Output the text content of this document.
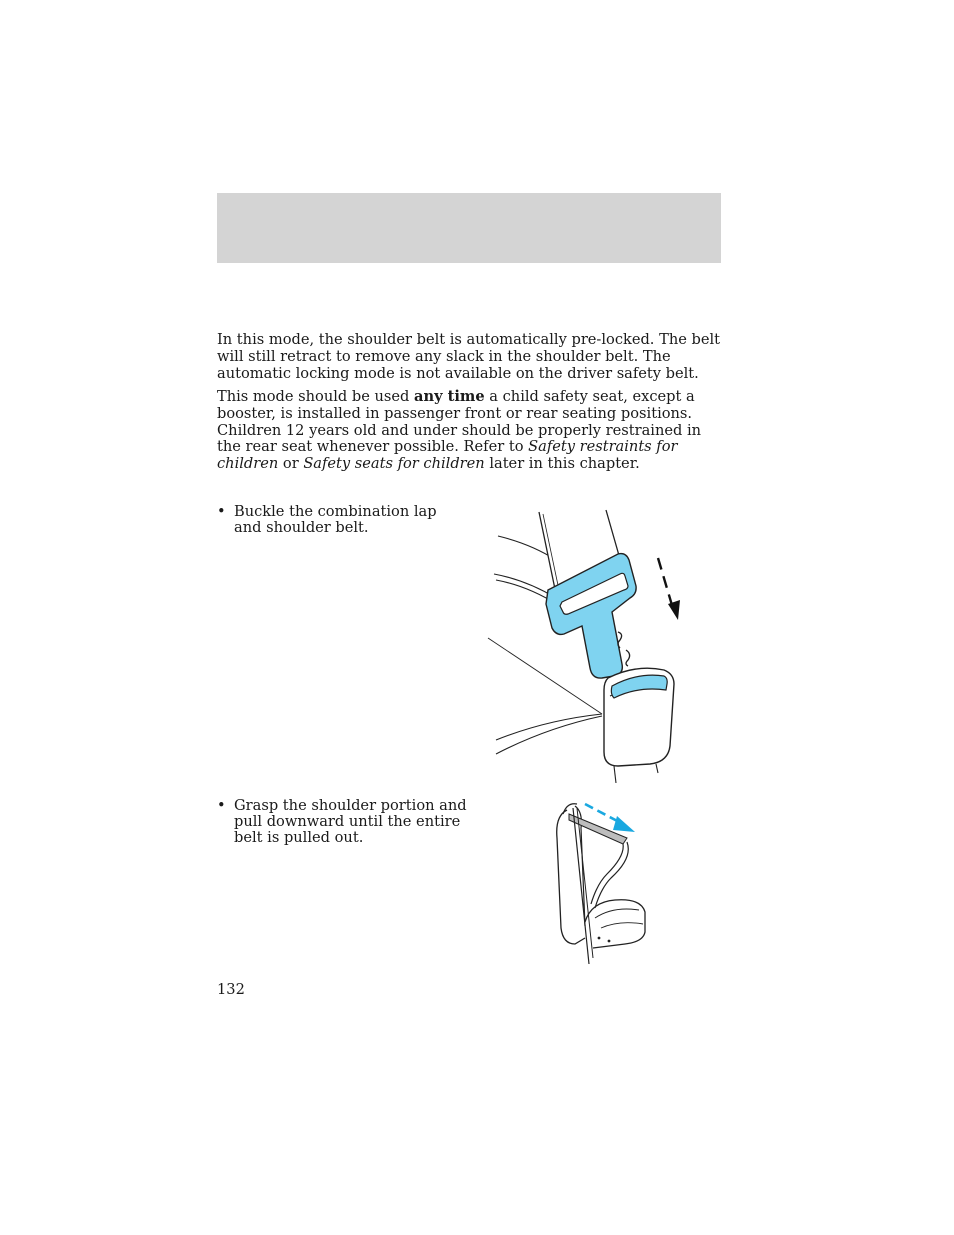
In this mode, the shoulder belt is automatically pre-locked. The belt will still retract to remove any slack in the shoulder belt. The automatic locking mode is not available on the driver safety belt.

This mode should be used any time a child safety seat, except a booster, is installed in passenger front or rear seating positions. Children 12 years old and under should be properly restrained in the rear seat whenever possible. Refer to Safety restraints for children or Safety seats for children later in this chapter.

• Buckle the combination lap and shoulder belt.
• Grasp the shoulder portion and pull downward until the entire belt is pulled out.
132
